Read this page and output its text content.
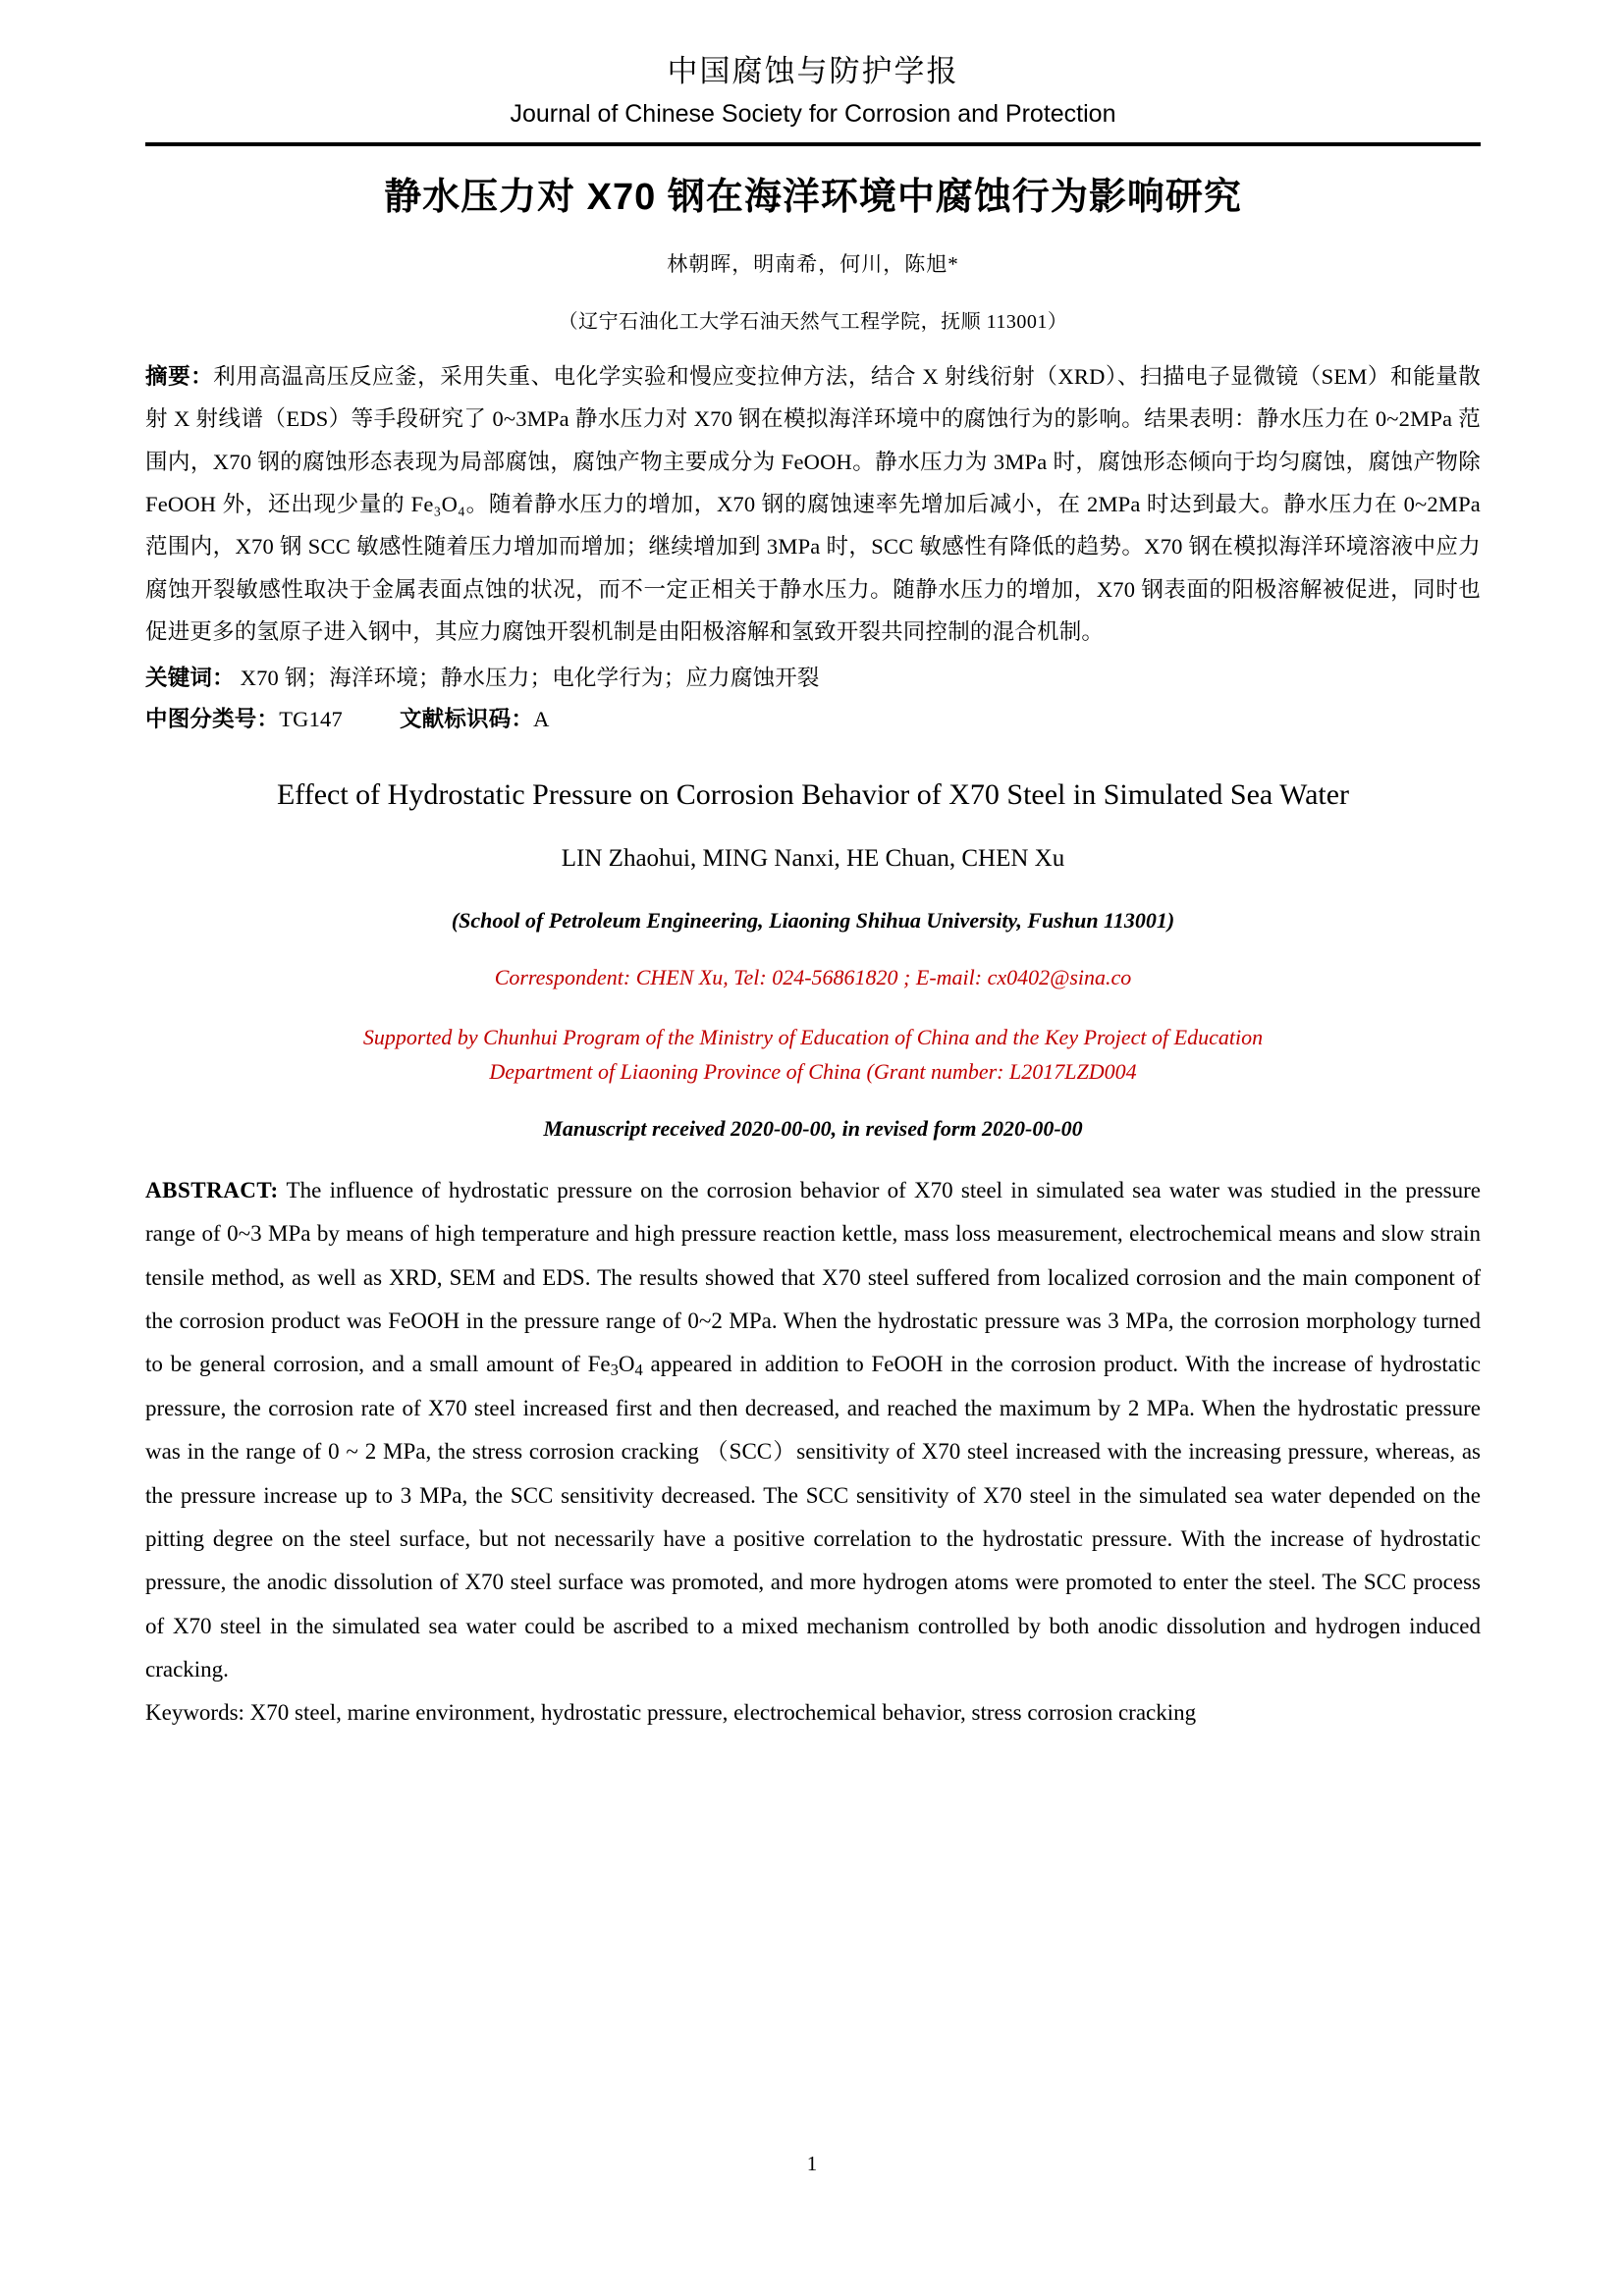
中国腐蚀与防护学报
Journal of Chinese Society for Corrosion and Protection
静水压力对 X70 钢在海洋环境中腐蚀行为影响研究
林朝晖，明南希，何川，陈旭*
（辽宁石油化工大学石油天然气工程学院，抚顺 113001）
摘要：利用高温高压反应釜，采用失重、电化学实验和慢应变拉伸方法，结合 X 射线衍射（XRD）、扫描电子显微镜（SEM）和能量散射 X 射线谱（EDS）等手段研究了 0~3MPa 静水压力对 X70 钢在模拟海洋环境中的腐蚀行为的影响。结果表明：静水压力在 0~2MPa 范围内，X70 钢的腐蚀形态表现为局部腐蚀，腐蚀产物主要成分为 FeOOH。静水压力为 3MPa 时，腐蚀形态倾向于均匀腐蚀，腐蚀产物除 FeOOH 外，还出现少量的 Fe₃O₄。随着静水压力的增加，X70 钢的腐蚀速率先增加后减小，在 2MPa 时达到最大。静水压力在 0~2MPa 范围内，X70 钢 SCC 敏感性随着压力增加而增加；继续增加到 3MPa 时，SCC 敏感性有降低的趋势。X70 钢在模拟海洋环境溶液中应力腐蚀开裂敏感性取决于金属表面点蚀的状况，而不一定正相关于静水压力。随静水压力的增加，X70 钢表面的阳极溶解被促进，同时也促进更多的氢原子进入钢中，其应力腐蚀开裂机制是由阳极溶解和氢致开裂共同控制的混合机制。
关键词： X70 钢；海洋环境；静水压力；电化学行为；应力腐蚀开裂
中图分类号：TG147	文献标识码：A
Effect of Hydrostatic Pressure on Corrosion Behavior of X70 Steel in Simulated Sea Water
LIN Zhaohui, MING Nanxi, HE Chuan, CHEN Xu
(School of Petroleum Engineering, Liaoning Shihua University, Fushun 113001)
Correspondent: CHEN Xu, Tel: 024-56861820 ; E-mail: cx0402@sina.co
Supported by Chunhui Program of the Ministry of Education of China and the Key Project of Education
Department of Liaoning Province of China (Grant number: L2017LZD004
Manuscript received 2020-00-00, in revised form 2020-00-00
ABSTRACT: The influence of hydrostatic pressure on the corrosion behavior of X70 steel in simulated sea water was studied in the pressure range of 0~3 MPa by means of high temperature and high pressure reaction kettle, mass loss measurement, electrochemical means and slow strain tensile method, as well as XRD, SEM and EDS. The results showed that X70 steel suffered from localized corrosion and the main component of the corrosion product was FeOOH in the pressure range of 0~2 MPa. When the hydrostatic pressure was 3 MPa, the corrosion morphology turned to be general corrosion, and a small amount of $Fe_3O_4$ appeared in addition to FeOOH in the corrosion product. With the increase of hydrostatic pressure, the corrosion rate of X70 steel increased first and then decreased, and reached the maximum by 2 MPa. When the hydrostatic pressure was in the range of 0 ~ 2 MPa, the stress corrosion cracking （SCC）sensitivity of X70 steel increased with the increasing pressure, whereas, as the pressure increase up to 3 MPa, the SCC sensitivity decreased. The SCC sensitivity of X70 steel in the simulated sea water depended on the pitting degree on the steel surface, but not necessarily have a positive correlation to the hydrostatic pressure. With the increase of hydrostatic pressure, the anodic dissolution of X70 steel surface was promoted, and more hydrogen atoms were promoted to enter the steel. The SCC process of X70 steel in the simulated sea water could be ascribed to a mixed mechanism controlled by both anodic dissolution and hydrogen induced cracking.
Keywords: X70 steel, marine environment, hydrostatic pressure, electrochemical behavior, stress corrosion cracking
1
